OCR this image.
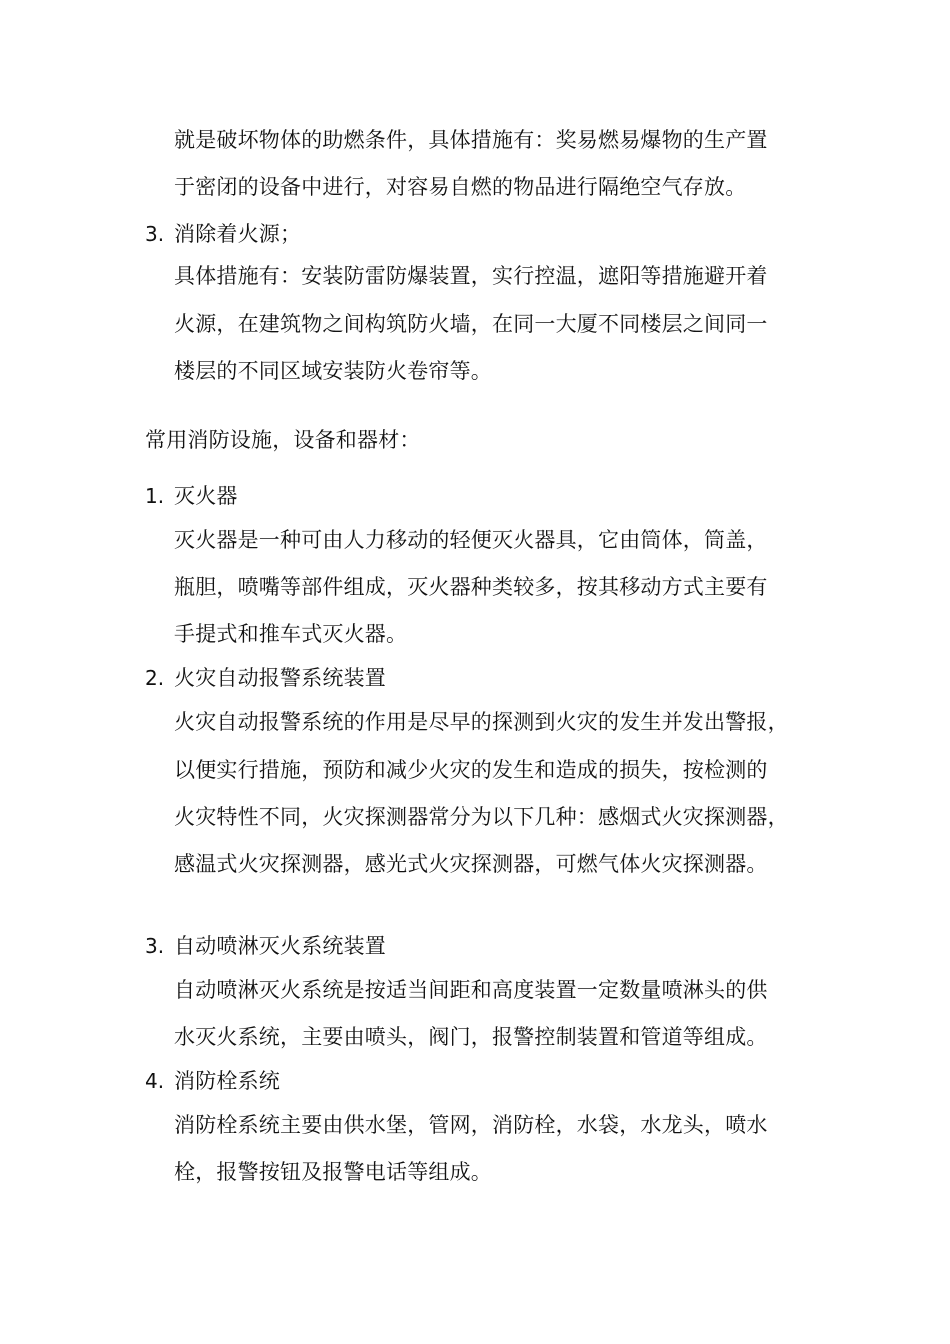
就是破坏物体的助燃条件，具体措施有：奖易燃易爆物的生产置
于密闭的设备中进行，对容易自燃的物品进行隔绝空气存放。
3. 消除着火源；
具体措施有：安装防雷防爆装置，实行控温，遮阳等措施避开着
火源，在建筑物之间构筑防火墙，在同一大厦不同楼层之间同一
楼层的不同区域安装防火卷帘等。
常用消防设施，设备和器材：
1. 灭火器
灭火器是一种可由人力移动的轻便灭火器具，它由筒体，筒盖，
瓶胆，喷嘴等部件组成，灭火器种类较多，按其移动方式主要有
手提式和推车式灭火器。
2. 火灾自动报警系统装置
火灾自动报警系统的作用是尽早的探测到火灾的发生并发出警报，
以便实行措施，预防和减少火灾的发生和造成的损失，按检测的
火灾特性不同，火灾探测器常分为以下几种：感烟式火灾探测器，
感温式火灾探测器，感光式火灾探测器，可燃气体火灾探测器。
3. 自动喷淋灭火系统装置
自动喷淋灭火系统是按适当间距和高度装置一定数量喷淋头的供
水灭火系统，主要由喷头，阀门，报警控制装置和管道等组成。
4. 消防栓系统
消防栓系统主要由供水堡，管网，消防栓，水袋，水龙头，喷水
栓，报警按钮及报警电话等组成。
